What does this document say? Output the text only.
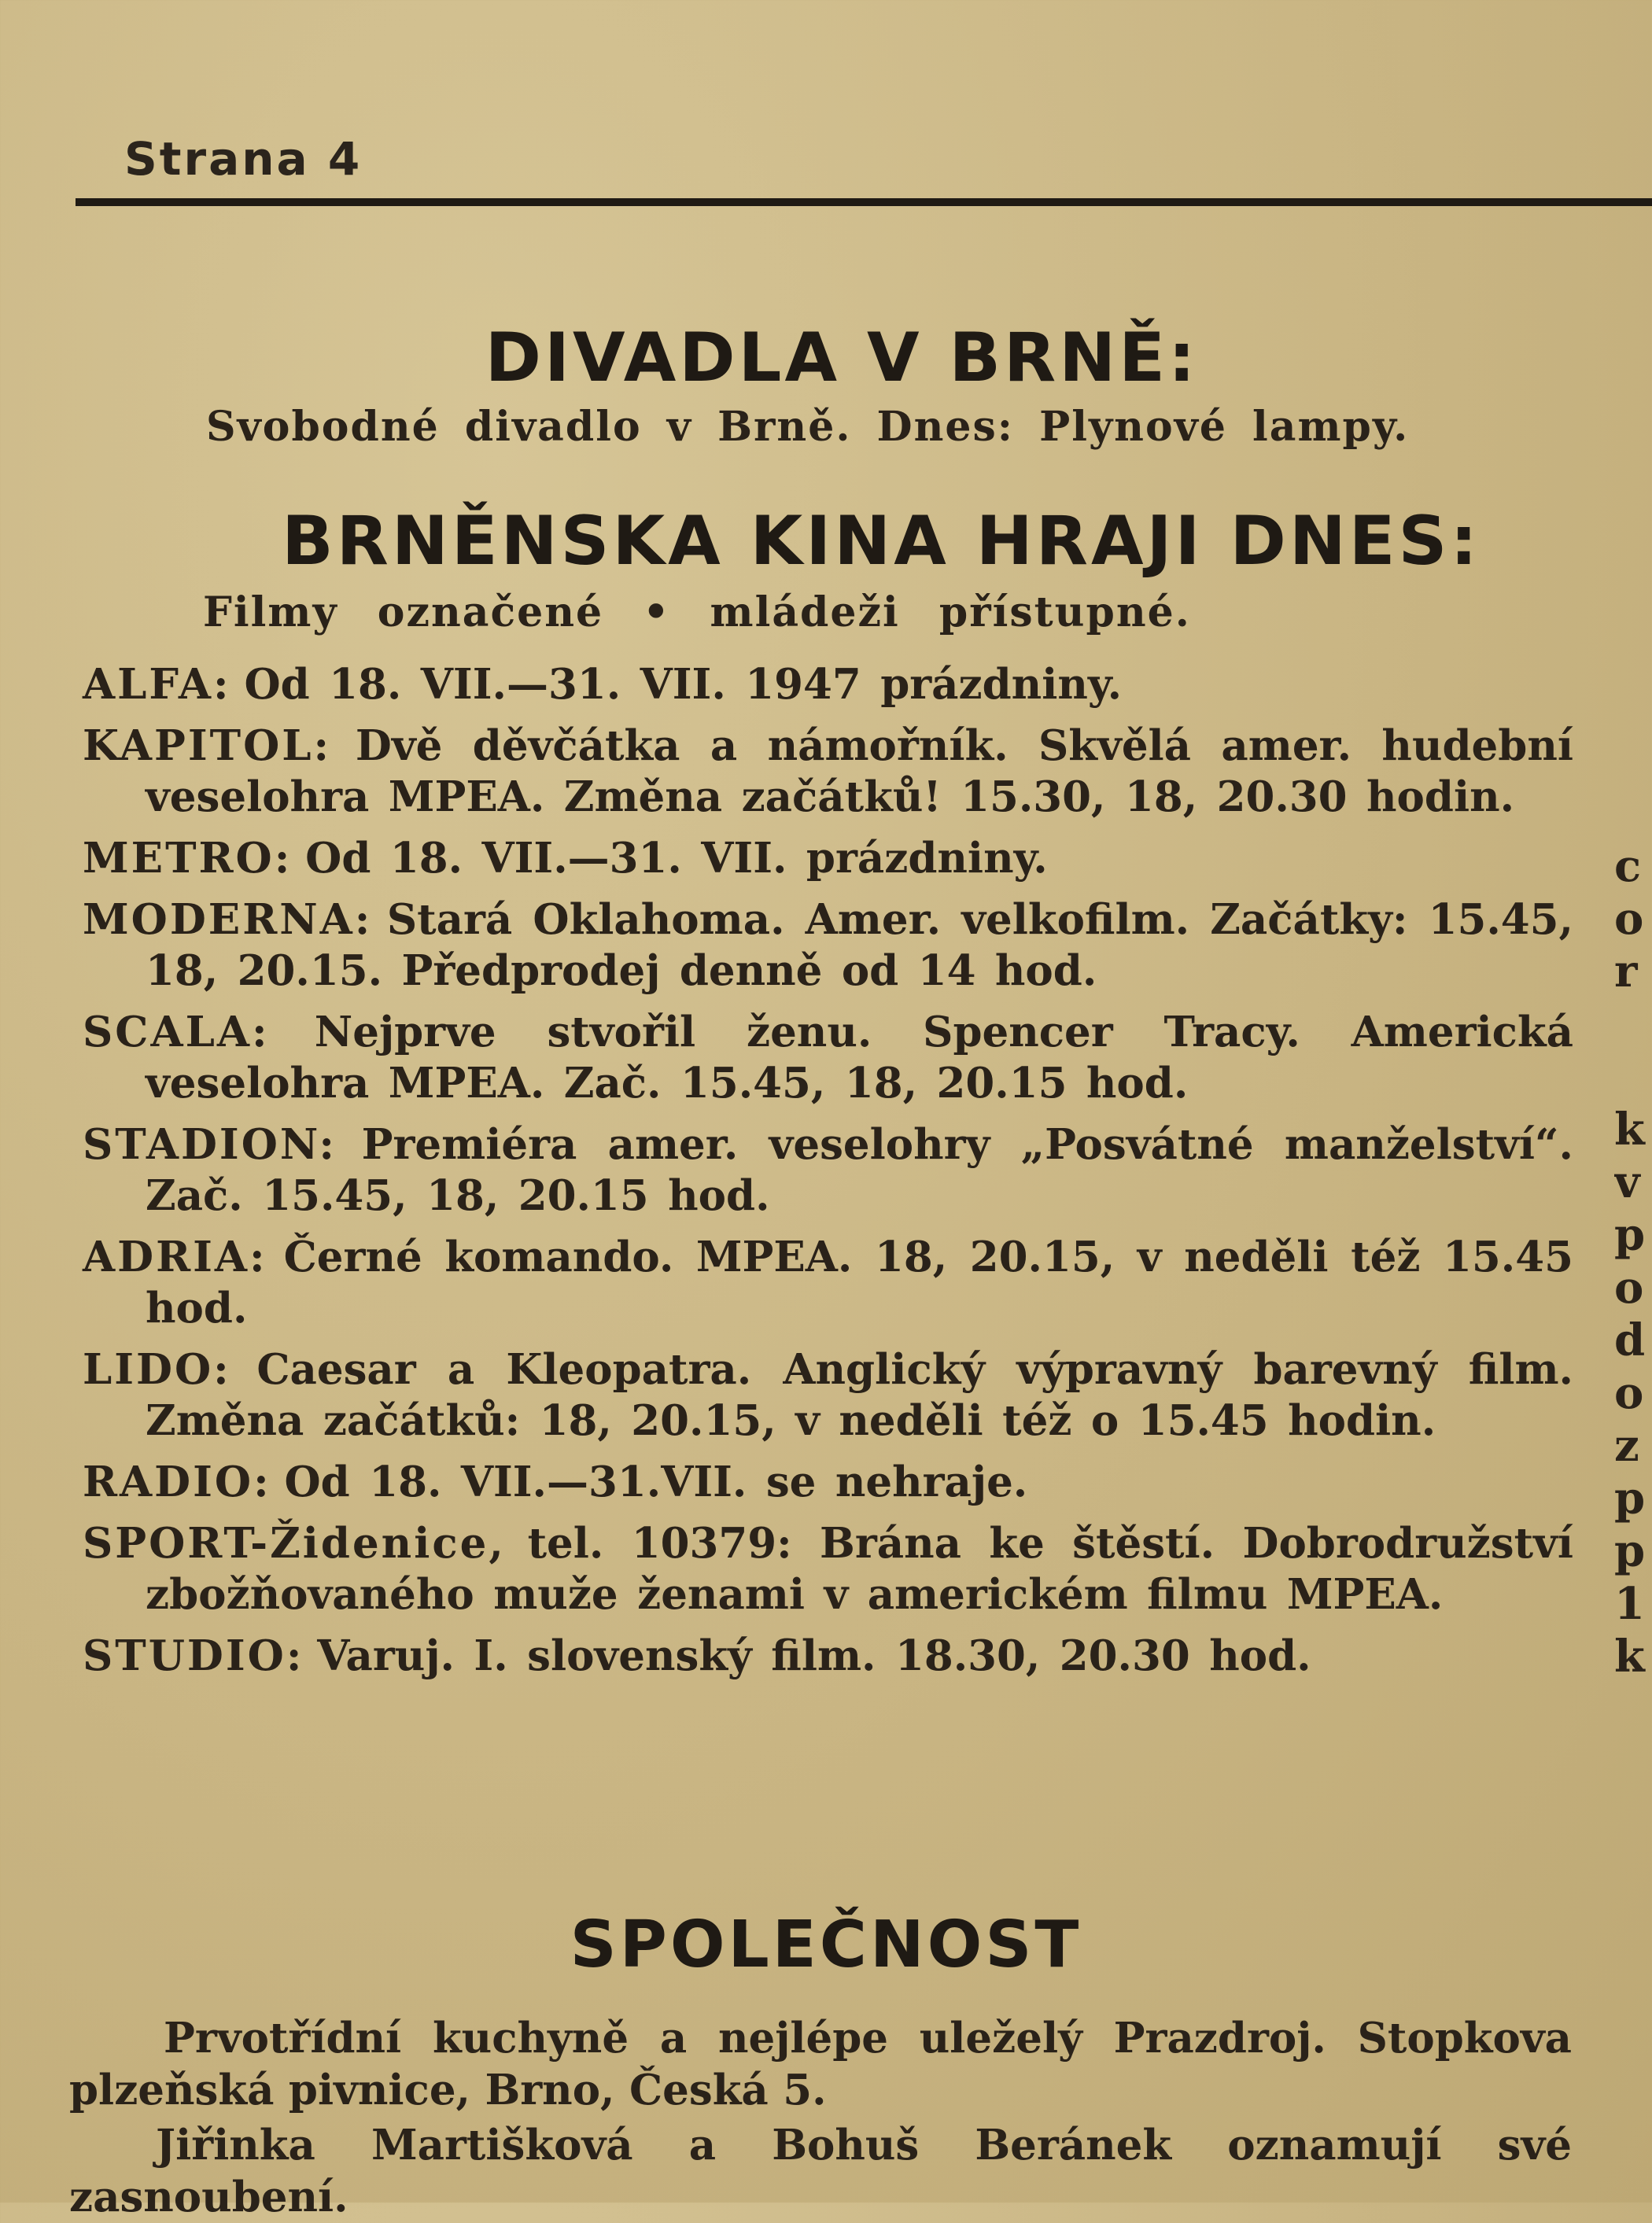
Strana 4
DIVADLA V BRNĚ:
Svobodné divadlo v Brně. Dnes: Plynové lampy.
BRNĚNSKA KINA HRAJI DNES:
Filmy označené • mládeži přístupné.
ALFA: Od 18. VII.—31. VII. 1947 prázdniny.
KAPITOL: Dvě děvčátka a námořník. Skvělá amer. hudební veselohra MPEA. Změna začátků! 15.30, 18, 20.30 hodin.
METRO: Od 18. VII.—31. VII. prázdniny.
MODERNA: Stará Oklahoma. Amer. velkofilm. Začátky: 15.45, 18, 20.15. Předprodej denně od 14 hod.
SCALA: Nejprve stvořil ženu. Spencer Tracy. Americká veselohra MPEA. Zač. 15.45, 18, 20.15 hod.
STADION: Premiéra amer. veselohry „Posvátné manželství“. Zač. 15.45, 18, 20.15 hod.
ADRIA: Černé komando. MPEA. 18, 20.15, v neděli též 15.45 hod.
LIDO: Caesar a Kleopatra. Anglický výpravný barevný film. Změna začátků: 18, 20.15, v neděli též o 15.45 hodin.
RADIO: Od 18. VII.—31.VII. se nehraje.
SPORT-Židenice, tel. 10379: Brána ke štěstí. Dobrodružství zbožňovaného muže ženami v americkém filmu MPEA.
STUDIO: Varuj. I. slovenský film. 18.30, 20.30 hod.
SPOLEČNOST
Prvotřídní kuchyně a nejlépe uleželý Prazdroj. Stopkova plzeňská pivnice, Brno, Česká 5.
Jiřinka Martišková a Bohuš Beránek oznamují své zasnoubení.
c
o
r
k
v
p
o
d
o
z
p
p
1
k
